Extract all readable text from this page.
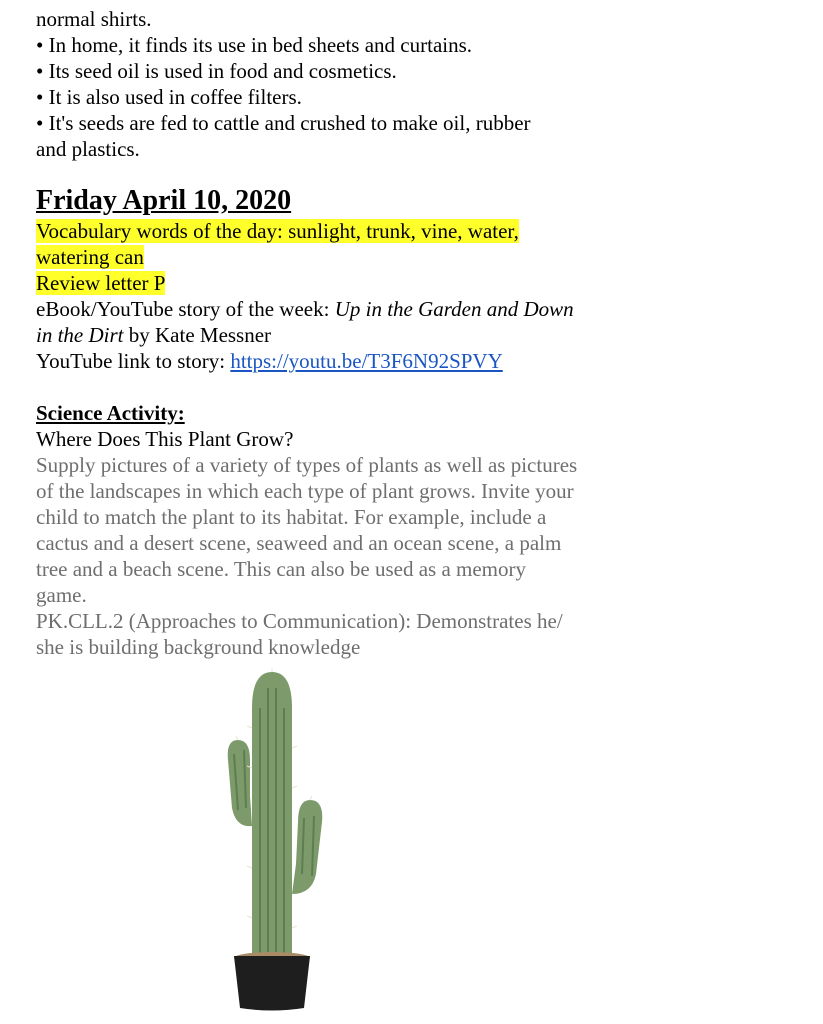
normal shirts.
• In home, it finds its use in bed sheets and curtains.
• Its seed oil is used in food and cosmetics.
• It is also used in coffee filters.
• It's seeds are fed to cattle and crushed to make oil, rubber
and plastics.
Friday April 10, 2020
Vocabulary words of the day: sunlight, trunk, vine, water,
watering can
Review letter P
eBook/YouTube story of the week: Up in the Garden and Down
in the Dirt by Kate Messner
YouTube link to story: https://youtu.be/T3F6N92SPVY
Science Activity:
Where Does This Plant Grow?
Supply pictures of a variety of types of plants as well as pictures
of the landscapes in which each type of plant grows. Invite your
child to match the plant to its habitat. For example, include a
cactus and a desert scene, seaweed and an ocean scene, a palm
tree and a beach scene. This can also be used as a memory
game.
PK.CLL.2 (Approaches to Communication): Demonstrates he/
she is building background knowledge
